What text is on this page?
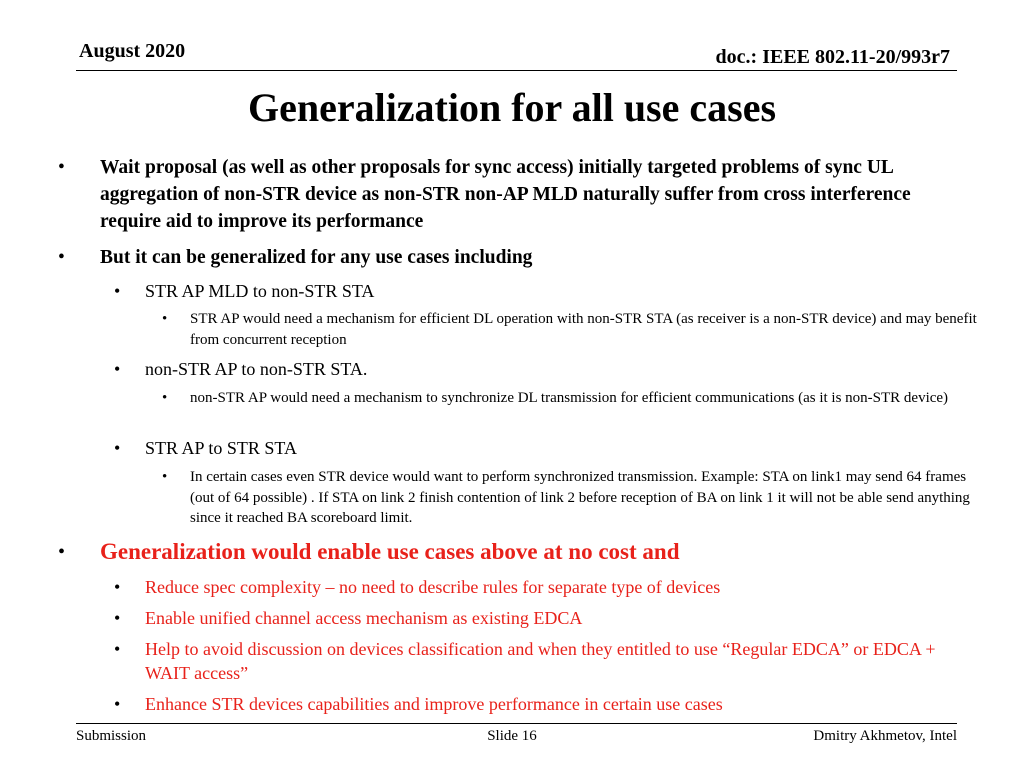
August 2020	doc.: IEEE 802.11-20/993r7
Generalization for all use cases
• Wait proposal (as well as other proposals for sync access) initially targeted problems of sync UL aggregation of non-STR device as non-STR non-AP MLD naturally suffer from cross interference require aid to improve its performance
• But it can be generalized for any use cases including
• STR AP MLD to non-STR STA
• STR AP would need a mechanism for efficient DL operation with non-STR STA (as receiver is a non-STR device) and may benefit from concurrent reception
• non-STR AP to non-STR STA.
• non-STR AP would need a mechanism to synchronize DL transmission for efficient communications (as it is non-STR device)
• STR AP to STR STA
• In certain cases even STR device would want to perform synchronized transmission. Example: STA on link1 may send 64 frames (out of 64 possible) . If STA on link 2 finish contention of link 2 before reception of BA on link 1 it will not be able send anything since it reached BA scoreboard limit.
• Generalization would enable use cases above at no cost and
• Reduce spec complexity – no need to describe rules for separate type of devices
• Enable unified channel access mechanism as existing EDCA
• Help to avoid discussion on devices classification and when they entitled to use “Regular EDCA” or EDCA + WAIT access”
• Enhance STR devices capabilities and improve performance in certain use cases
Submission	Slide 16	Dmitry Akhmetov, Intel
